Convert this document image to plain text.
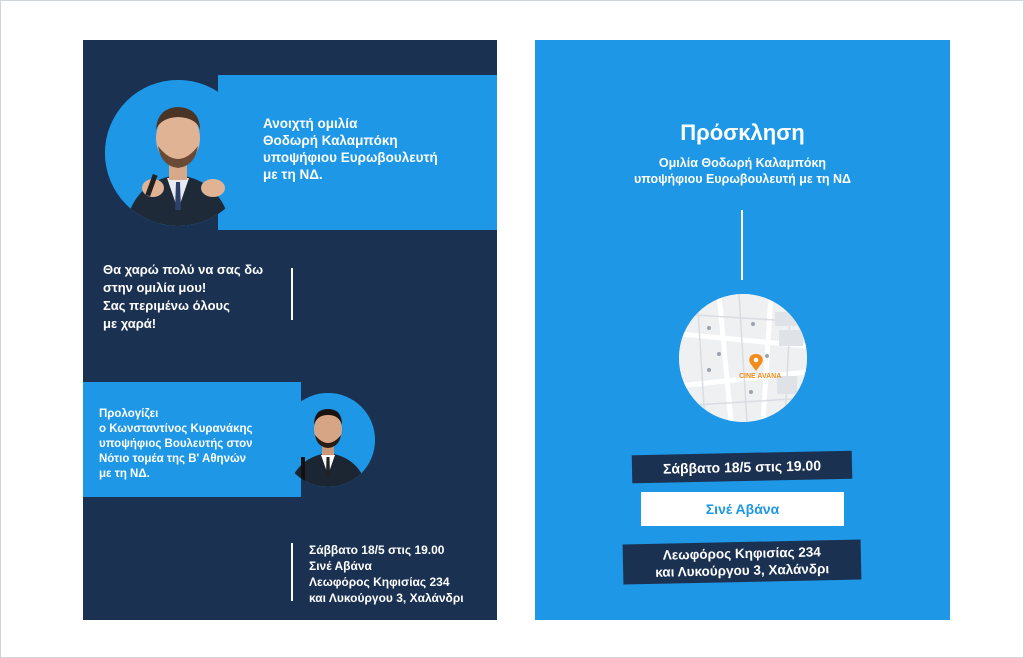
Ανοιχτή ομιλία
Θοδωρή Καλαμπόκη
υποψήφιου Ευρωβουλευτή
με τη ΝΔ.
Θα χαρώ πολύ να σας δω
στην ομιλία μου!
Σας περιμένω όλους
με χαρά!
Προλογίζει
ο Κωνσταντίνος Κυρανάκης
υποψήφιος Βουλευτής στον
Νότιο τομέα της Β' Αθηνών
με τη ΝΔ.
Σάββατο 18/5 στις 19.00
Σινέ Αβάνα
Λεωφόρος Κηφισίας 234
και Λυκούργου 3, Χαλάνδρι
Πρόσκληση
Ομιλία Θοδωρή Καλαμπόκη
υποψήφιου Ευρωβουλευτή με τη ΝΔ
CINE AVANA
Σάββατο 18/5 στις 19.00
Σινέ Αβάνα
Λεωφόρος Κηφισίας 234
και Λυκούργου 3, Χαλάνδρι
